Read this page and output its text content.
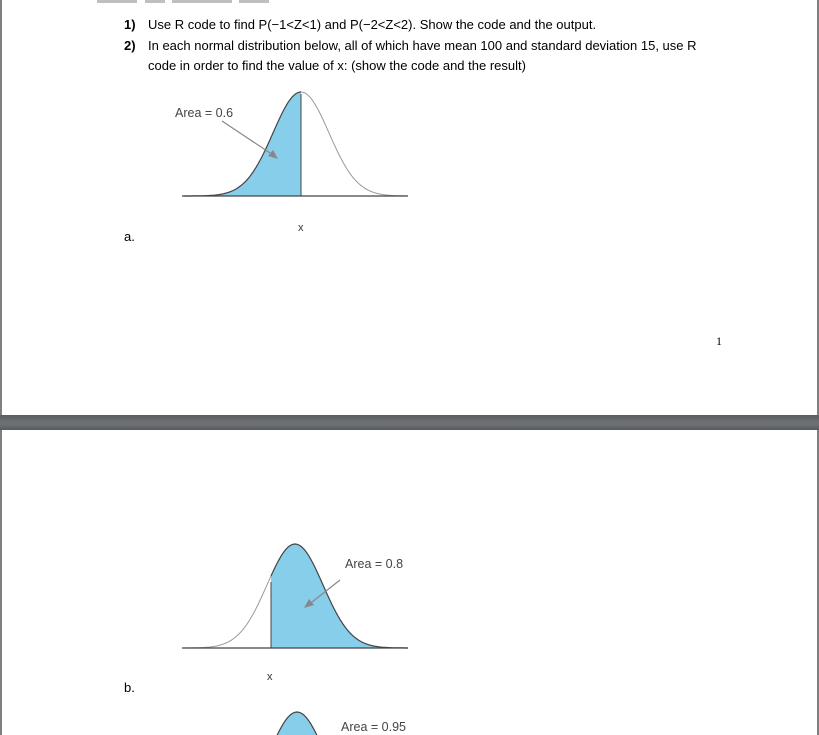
1) Use R code to find P(−1<Z<1) and P(−2<Z<2). Show the code and the output.
2) In each normal distribution below, all of which have mean 100 and standard deviation 15, use R
code in order to find the value of x: (show the code and the result)
Area = 0.6
x
a.
1
Area = 0.8
x
b.
Area = 0.95
